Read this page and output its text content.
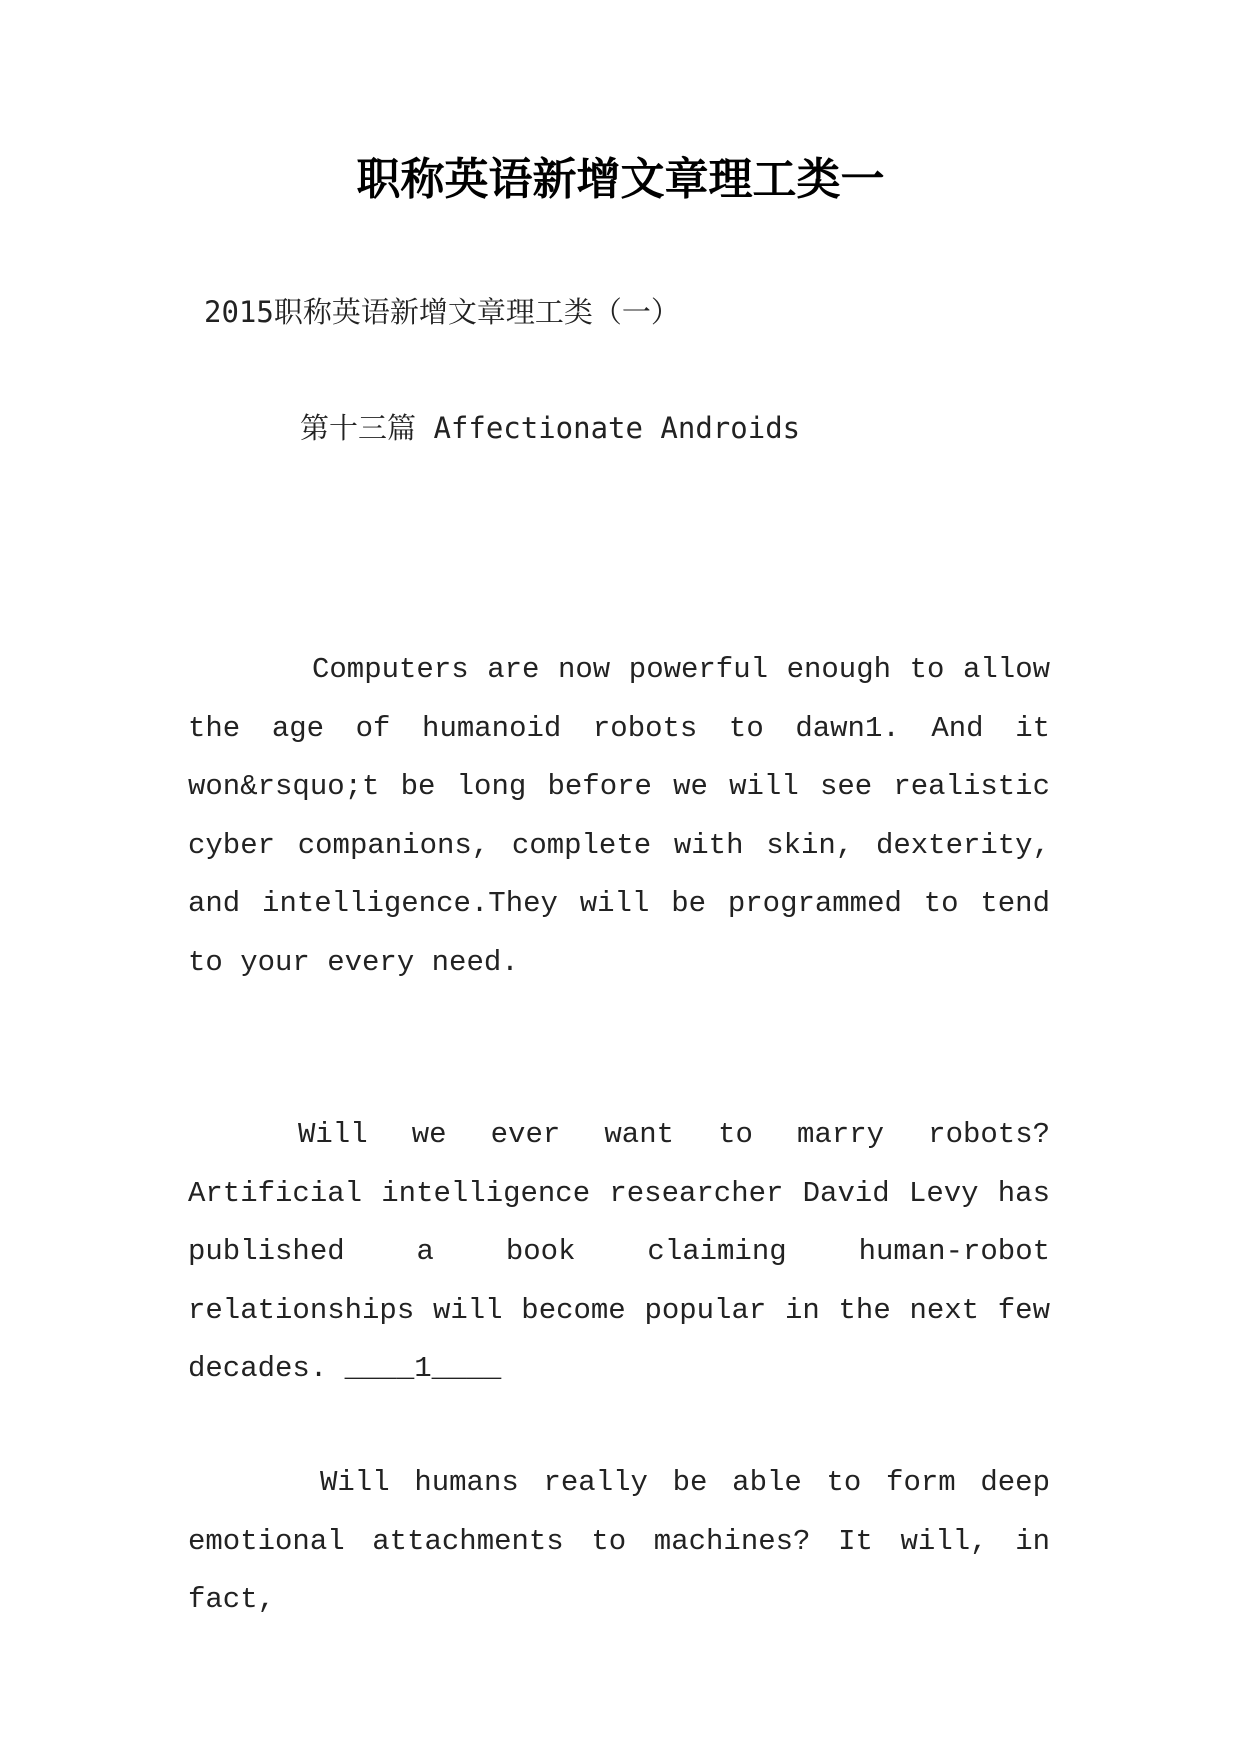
职称英语新增文章理工类一

2015职称英语新增文章理工类（一）

第十三篇 Affectionate Androids

Computers are now powerful enough to allow the age of humanoid robots to dawn1. And it won&rsquo;t be long before we will see realistic cyber companions, complete with skin, dexterity, and intelligence.They will be programmed to tend to your every need.

Will we ever want to marry robots? Artificial intelligence researcher David Levy has published a book claiming human-robot relationships will become popular in the next few decades. ____1____

Will humans really be able to form deep emotional attachments to machines? It will, in fact,
